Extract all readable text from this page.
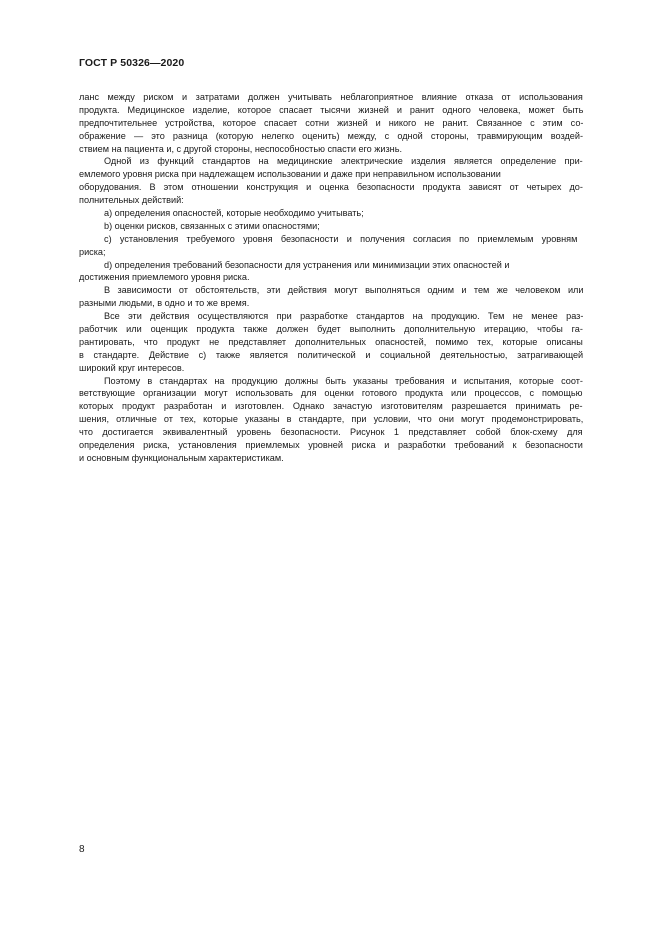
ГОСТ Р 50326—2020
ланс между риском и затратами должен учитывать неблагоприятное влияние отказа от использования
продукта. Медицинское изделие, которое спасает тысячи жизней и ранит одного человека, может быть
предпочтительнее устройства, которое спасает сотни жизней и никого не ранит. Связанное с этим со-
ображение — это разница (которую нелегко оценить) между, с одной стороны, травмирующим воздей-
ствием на пациента и, с другой стороны, неспособностью спасти его жизнь.
Одной из функций стандартов на медицинские электрические изделия является определение при-
емлемого уровня риска при надлежащем использовании и даже при неправильном использовании
оборудования. В этом отношении конструкция и оценка безопасности продукта зависят от четырех до-
полнительных действий:
a) определения опасностей, которые необходимо учитывать;
b) оценки рисков, связанных с этими опасностями;
c) установления требуемого уровня безопасности и получения согласия по приемлемым уровням
риска;
d) определения требований безопасности для устранения или минимизации этих опасностей и
достижения приемлемого уровня риска.
В зависимости от обстоятельств, эти действия могут выполняться одним и тем же человеком или
разными людьми, в одно и то же время.
Все эти действия осуществляются при разработке стандартов на продукцию. Тем не менее раз-
работчик или оценщик продукта также должен будет выполнить дополнительную итерацию, чтобы га-
рантировать, что продукт не представляет дополнительных опасностей, помимо тех, которые описаны
в стандарте. Действие c) также является политической и социальной деятельностью, затрагивающей
широкий круг интересов.
Поэтому в стандартах на продукцию должны быть указаны требования и испытания, которые соот-
ветствующие организации могут использовать для оценки готового продукта или процессов, с помощью
которых продукт разработан и изготовлен. Однако зачастую изготовителям разрешается принимать ре-
шения, отличные от тех, которые указаны в стандарте, при условии, что они могут продемонстрировать,
что достигается эквивалентный уровень безопасности. Рисунок 1 представляет собой блок-схему для
определения риска, установления приемлемых уровней риска и разработки требований к безопасности
и основным функциональным характеристикам.
8
